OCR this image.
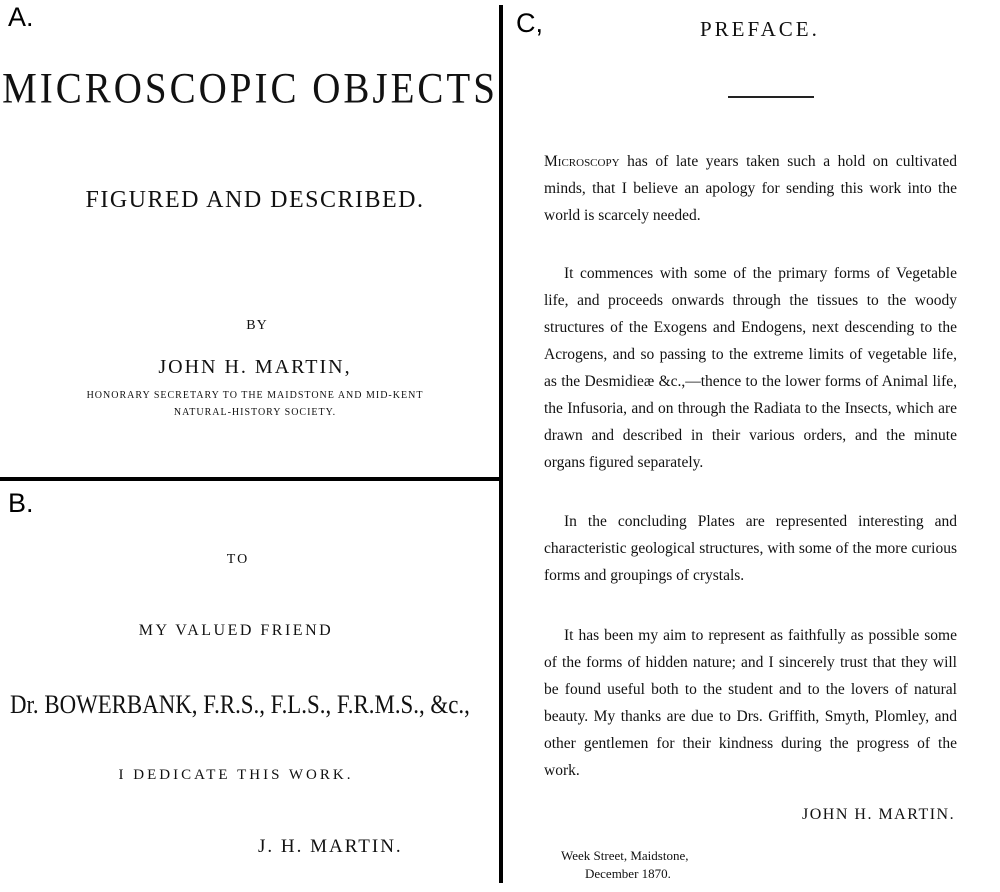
A.
MICROSCOPIC OBJECTS
FIGURED AND DESCRIBED.
BY
JOHN H. MARTIN,
HONORARY SECRETARY TO THE MAIDSTONE AND MID-KENT
NATURAL-HISTORY SOCIETY.
B.
TO
MY VALUED FRIEND
Dr. BOWERBANK, F.R.S., F.L.S., F.R.M.S., &c.,
I DEDICATE THIS WORK.
J. H. MARTIN.
C,	PREFACE.
Microscopy has of late years taken such a hold on cultivated minds, that I believe an apology for sending this work into the world is scarcely needed.
It commences with some of the primary forms of Vegetable life, and proceeds onwards through the tissues to the woody structures of the Exogens and Endogens, next descending to the Acrogens, and so passing to the extreme limits of vegetable life, as the Desmidieæ &c.,—thence to the lower forms of Animal life, the Infusoria, and on through the Radiata to the Insects, which are drawn and described in their various orders, and the minute organs figured separately.
In the concluding Plates are represented interesting and characteristic geological structures, with some of the more curious forms and groupings of crystals.
It has been my aim to represent as faithfully as possible some of the forms of hidden nature; and I sincerely trust that they will be found useful both to the student and to the lovers of natural beauty. My thanks are due to Drs. Griffith, Smyth, Plomley, and other gentlemen for their kindness during the progress of the work.
JOHN H. MARTIN.
Week Street, Maidstone,
December 1870.
